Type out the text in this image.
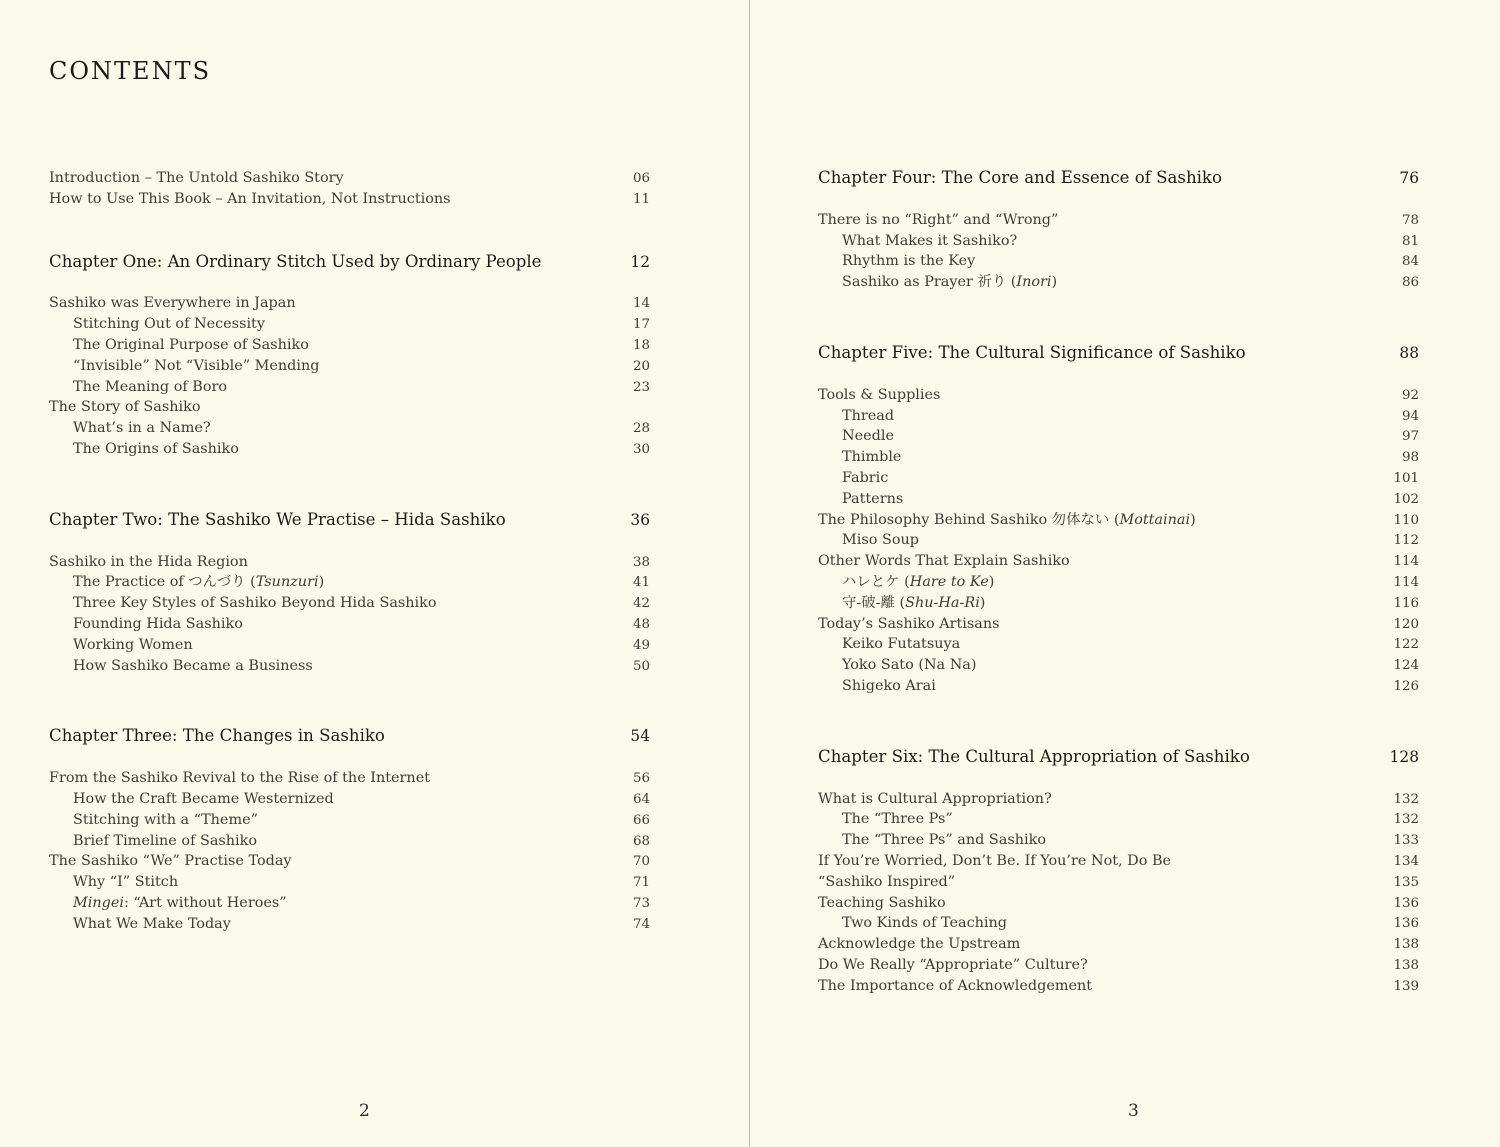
CONTENTS
Introduction – The Untold Sashiko Story	06
How to Use This Book – An Invitation, Not Instructions	11
Chapter One: An Ordinary Stitch Used by Ordinary People	12
Sashiko was Everywhere in Japan	14
Stitching Out of Necessity	17
The Original Purpose of Sashiko	18
“Invisible” Not “Visible” Mending	20
The Meaning of Boro	23
The Story of Sashiko
What’s in a Name?	28
The Origins of Sashiko	30
Chapter Two: The Sashiko We Practise – Hida Sashiko	36
Sashiko in the Hida Region	38
The Practice of つんづり (Tsunzuri)	41
Three Key Styles of Sashiko Beyond Hida Sashiko	42
Founding Hida Sashiko	48
Working Women	49
How Sashiko Became a Business	50
Chapter Three: The Changes in Sashiko	54
From the Sashiko Revival to the Rise of the Internet	56
How the Craft Became Westernized	64
Stitching with a “Theme”	66
Brief Timeline of Sashiko	68
The Sashiko “We” Practise Today	70
Why “I” Stitch	71
Mingei: “Art without Heroes”	73
What We Make Today	74
Chapter Four: The Core and Essence of Sashiko	76
There is no “Right” and “Wrong”	78
What Makes it Sashiko?	81
Rhythm is the Key	84
Sashiko as Prayer 祈り (Inori)	86
Chapter Five: The Cultural Significance of Sashiko	88
Tools & Supplies	92
Thread	94
Needle	97
Thimble	98
Fabric	101
Patterns	102
The Philosophy Behind Sashiko 勿体ない (Mottainai)	110
Miso Soup	112
Other Words That Explain Sashiko	114
ハレとケ (Hare to Ke)	114
守-破-離 (Shu-Ha-Ri)	116
Today’s Sashiko Artisans	120
Keiko Futatsuya	122
Yoko Sato (Na Na)	124
Shigeko Arai	126
Chapter Six: The Cultural Appropriation of Sashiko	128
What is Cultural Appropriation?	132
The “Three Ps”	132
The “Three Ps” and Sashiko	133
If You’re Worried, Don’t Be. If You’re Not, Do Be	134
“Sashiko Inspired”	135
Teaching Sashiko	136
Two Kinds of Teaching	136
Acknowledge the Upstream	138
Do We Really “Appropriate” Culture?	138
The Importance of Acknowledgement	139
2	3
